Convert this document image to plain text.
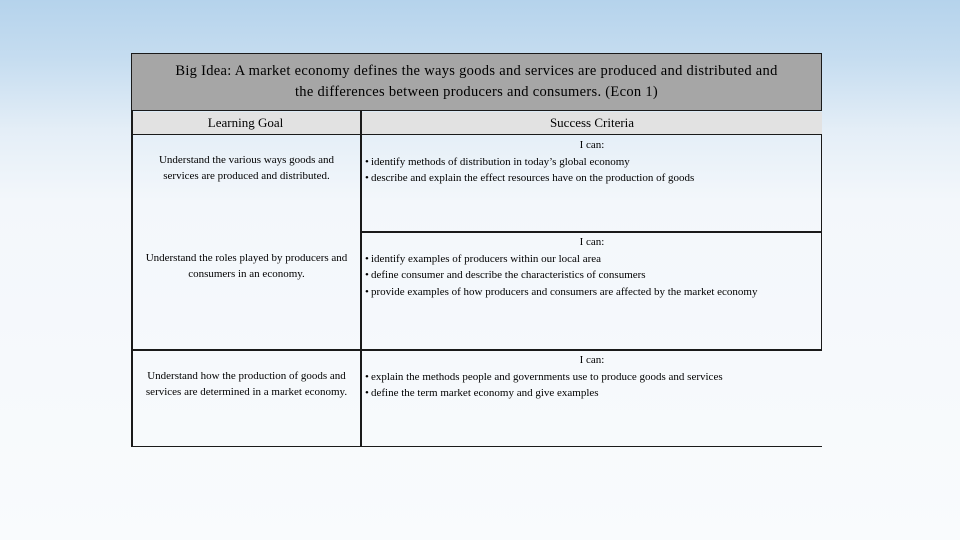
Big Idea: A market economy defines the ways goods and services are produced and distributed and
the differences between producers and consumers. (Econ 1)
Learning Goal	Success Criteria
Understand the various ways goods and
services are produced and distributed.
I can:
• identify methods of distribution in today’s global economy
• describe and explain the effect resources have on the production of goods
Understand the roles played by producers and
consumers in an economy.
I can:
• identify examples of producers within our local area
• define consumer and describe the characteristics of consumers
• provide examples of how producers and consumers are affected by the market economy
Understand how the production of goods and
services are determined in a market economy.
I can:
• explain the methods people and governments use to produce goods and services
• define the term market economy and give examples
